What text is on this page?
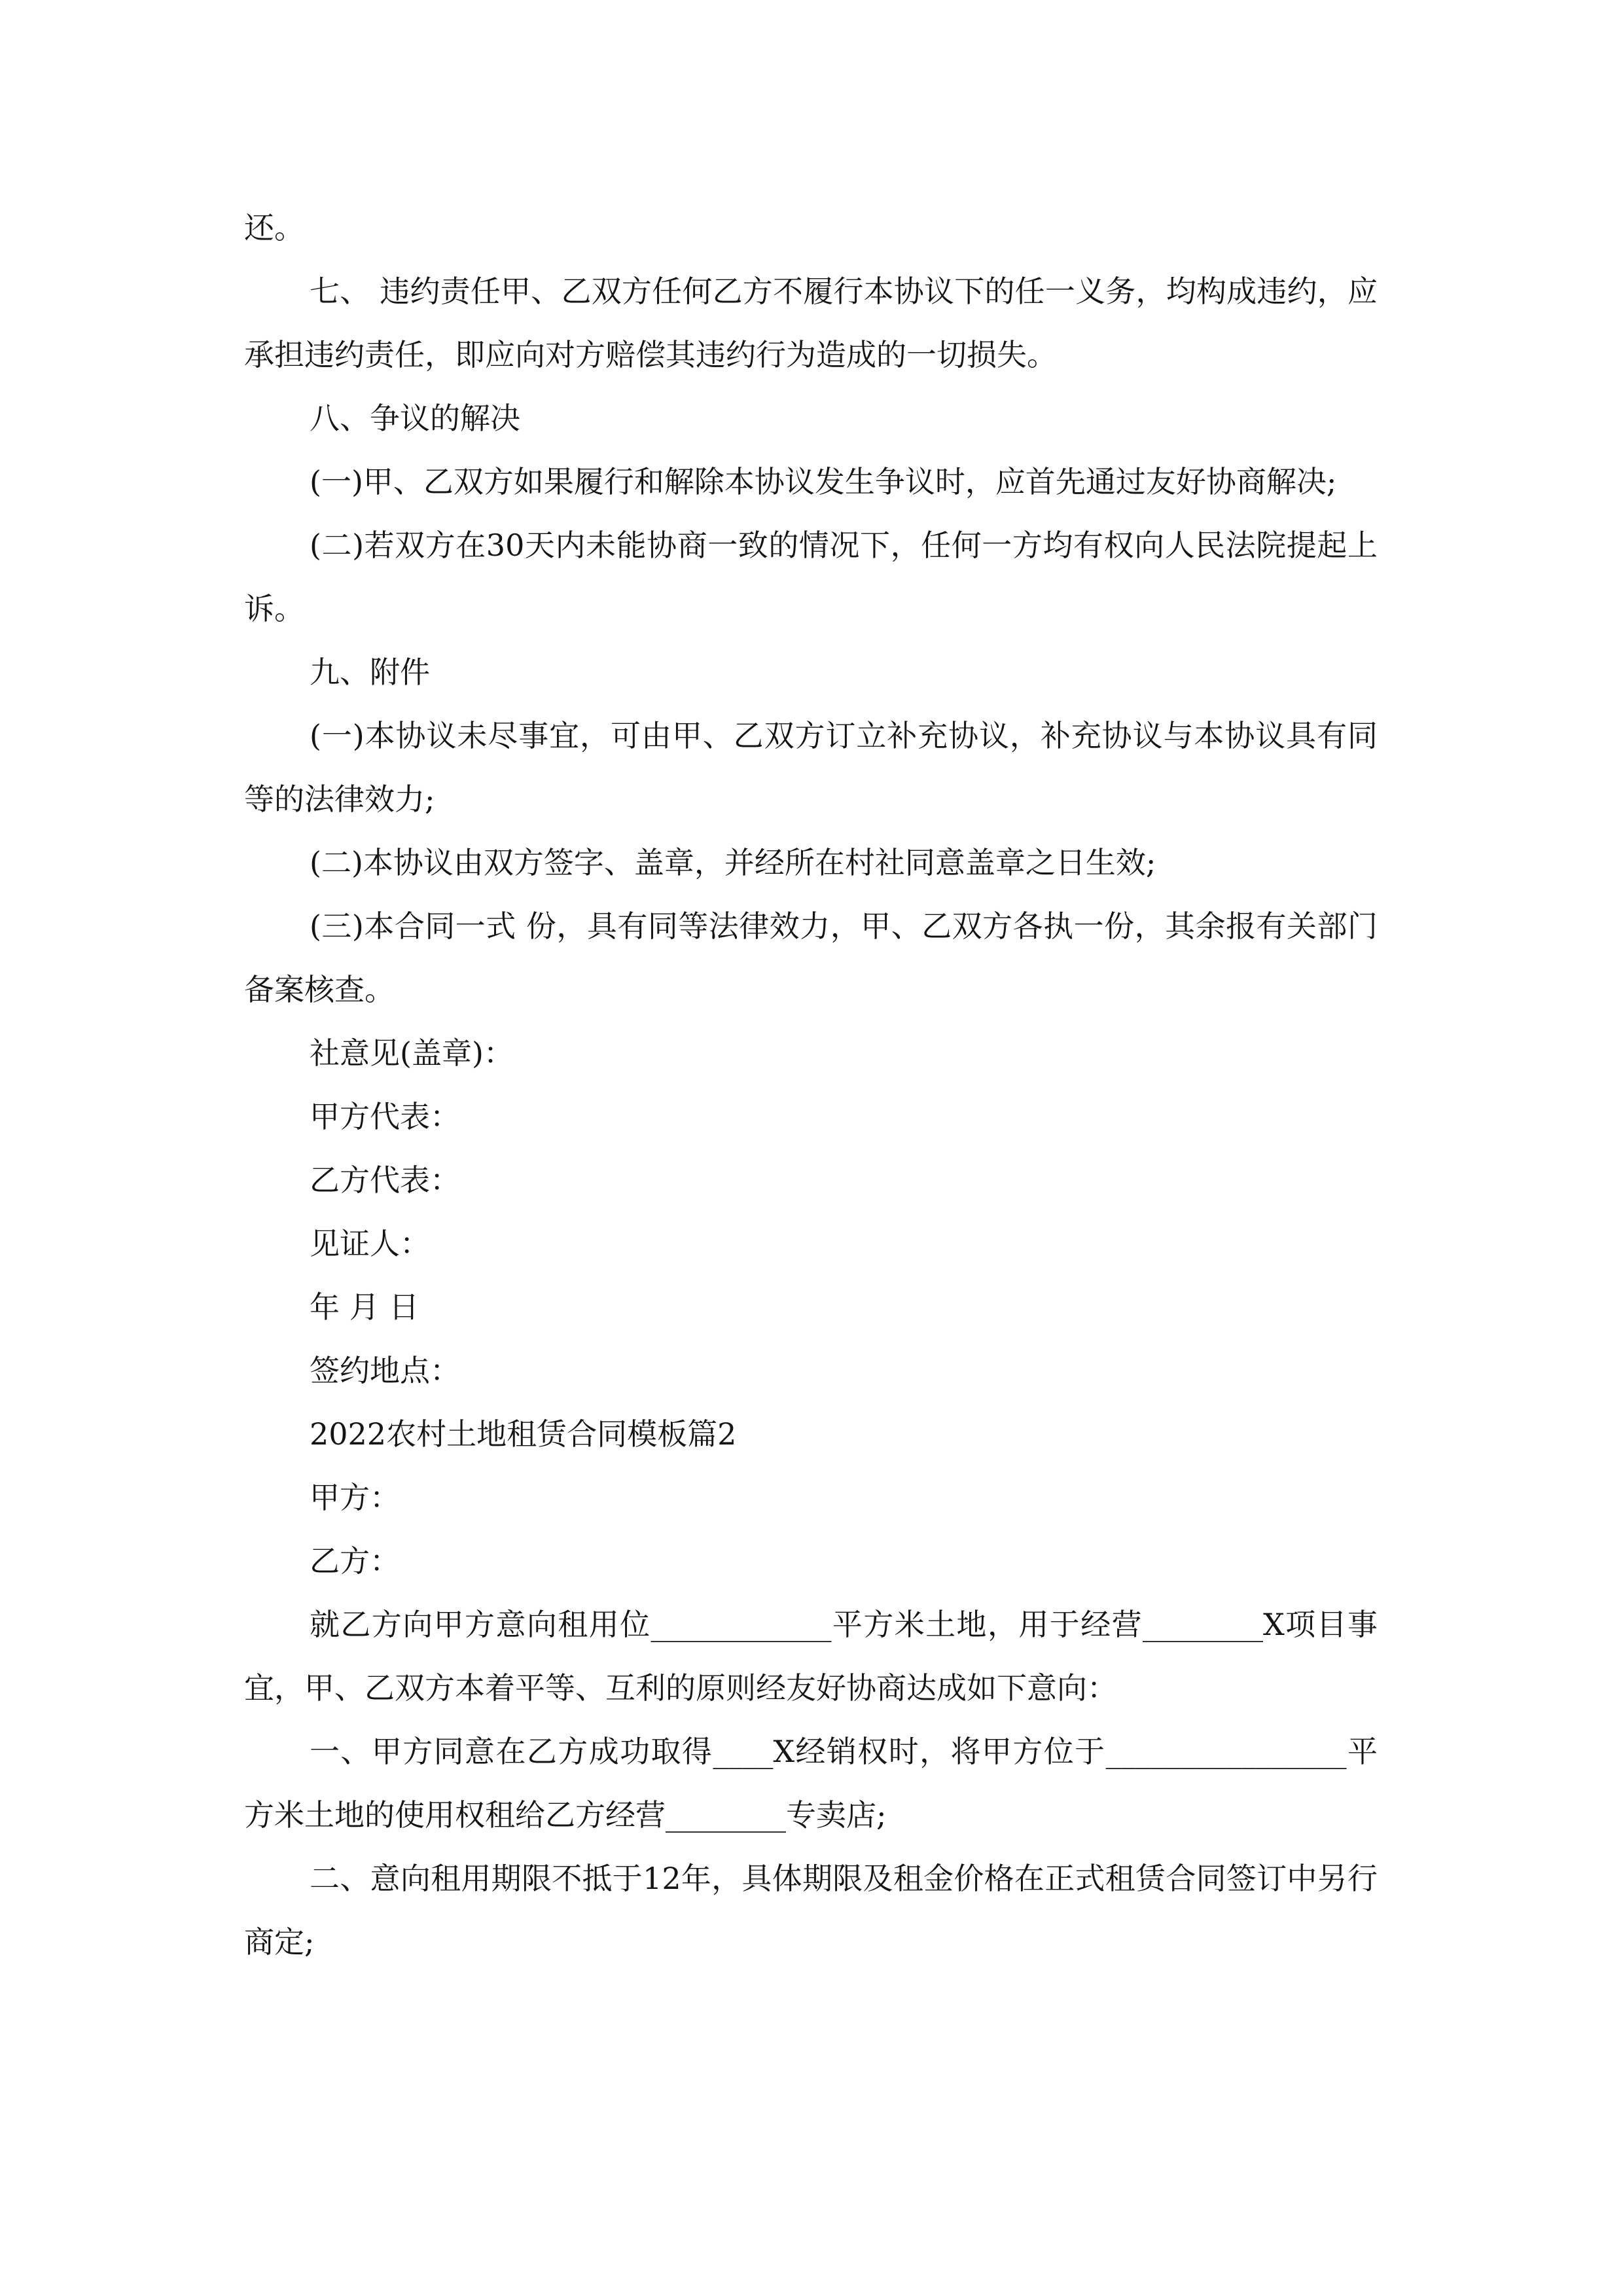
还。

七、 违约责任甲、乙双方任何乙方不履行本协议下的任一义务，均构成违约，应承担违约责任，即应向对方赔偿其违约行为造成的一切损失。

八、争议的解决

(一)甲、乙双方如果履行和解除本协议发生争议时，应首先通过友好协商解决;

(二)若双方在30天内未能协商一致的情况下，任何一方均有权向人民法院提起上诉。

九、附件

(一)本协议未尽事宜，可由甲、乙双方订立补充协议，补充协议与本协议具有同等的法律效力;

(二)本协议由双方签字、盖章，并经所在村社同意盖章之日生效;

(三)本合同一式 份，具有同等法律效力，甲、乙双方各执一份，其余报有关部门备案核查。

社意见(盖章)：

甲方代表：

乙方代表：

见证人：

年 月 日

签约地点：

2022农村土地租赁合同模板篇2

甲方：

乙方：

就乙方向甲方意向租用位____________平方米土地，用于经营________X项目事宜，甲、乙双方本着平等、互利的原则经友好协商达成如下意向：

一、甲方同意在乙方成功取得____X经销权时，将甲方位于________________平方米土地的使用权租给乙方经营________专卖店;

二、意向租用期限不抵于12年，具体期限及租金价格在正式租赁合同签订中另行商定;
